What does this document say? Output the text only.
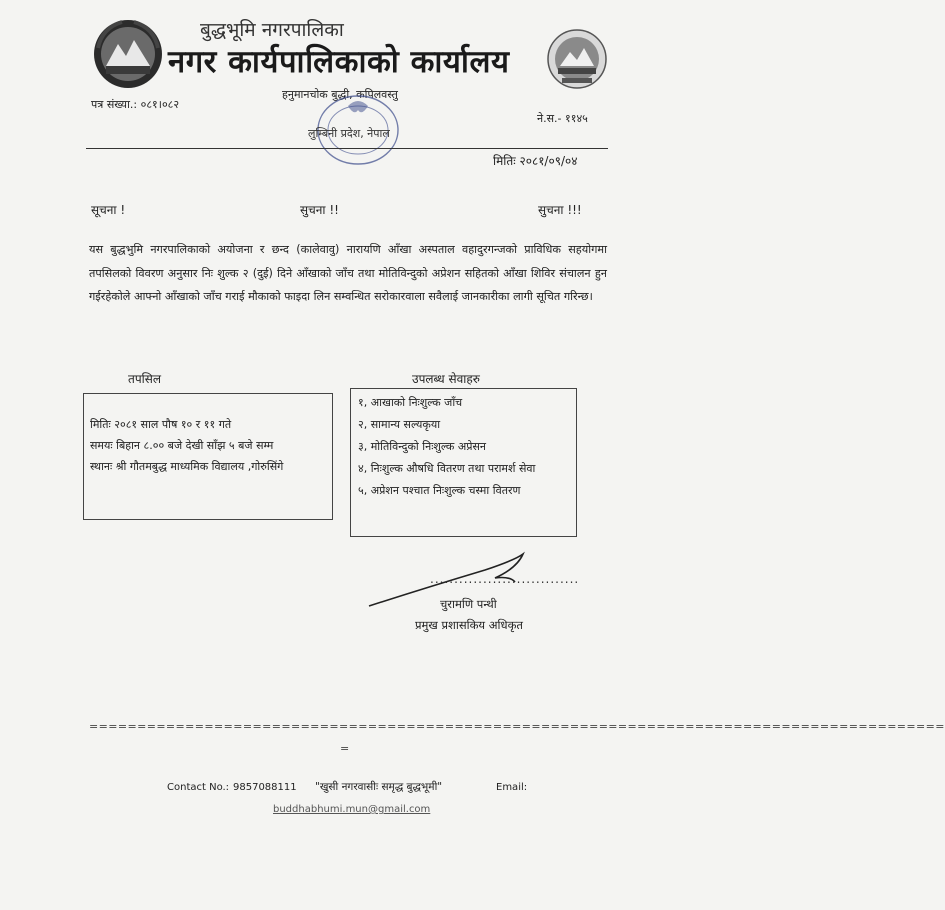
बुद्धभूमि नगरपालिका
नगर कार्यपालिकाको कार्यालय
हनुमानचोक बुद्धी, कपिलवस्तु
पत्र संख्या.: ०८१।०८२
ने.स.- ११४५
लुम्बिनी प्रदेश, नेपाल
मितिः २०८१/०९/०४
सूचना !	सुचना !!	सुचना !!!
यस बुद्धभुमि नगरपालिकाको अयोजना र छन्द (कालेवावु) नारायणि आँखा अस्पताल वहादुरगन्जको प्राविधिक सहयोगमा तपसिलको विवरण अनुसार निः शुल्क २ (दुई) दिने आँखाको जाँच तथा मोतिविन्दुको अप्रेशन सहितको आँखा शिविर संचालन हुन गईरहेकोले आफ्नो आँखाको जाँच गराई मौकाको फाइदा लिन सम्वन्धित सरोकारवाला सवैलाई जानकारीका लागी सूचित गरिन्छ।
तपसिल
मितिः २०८१ साल पौष १० र ११ गते
समयः बिहान ८.०० बजे देखी साँझ ५ बजे सम्म
स्थानः श्री गौतमबुद्ध माध्यमिक विद्यालय ,गोरुसिंगे
उपलब्ध सेवाहरु
१, आखाको निःशुल्क जाँच
२, सामान्य सल्यकृया
३, मोतिविन्दुको निःशुल्क अप्रेसन
४, निःशुल्क औषधि वितरण तथा परामर्श सेवा
५, अप्रेशन पश्चात निःशुल्क चस्मा वितरण
...............................
चुरामणि पन्थी
प्रमुख प्रशासकिय अधिकृत
=========================================================================================
=
Contact No.: 9857088111 "खुसी नगरवासीः समृद्ध बुद्धभूमी"	Email:
buddhabhumi.mun@gmail.com
